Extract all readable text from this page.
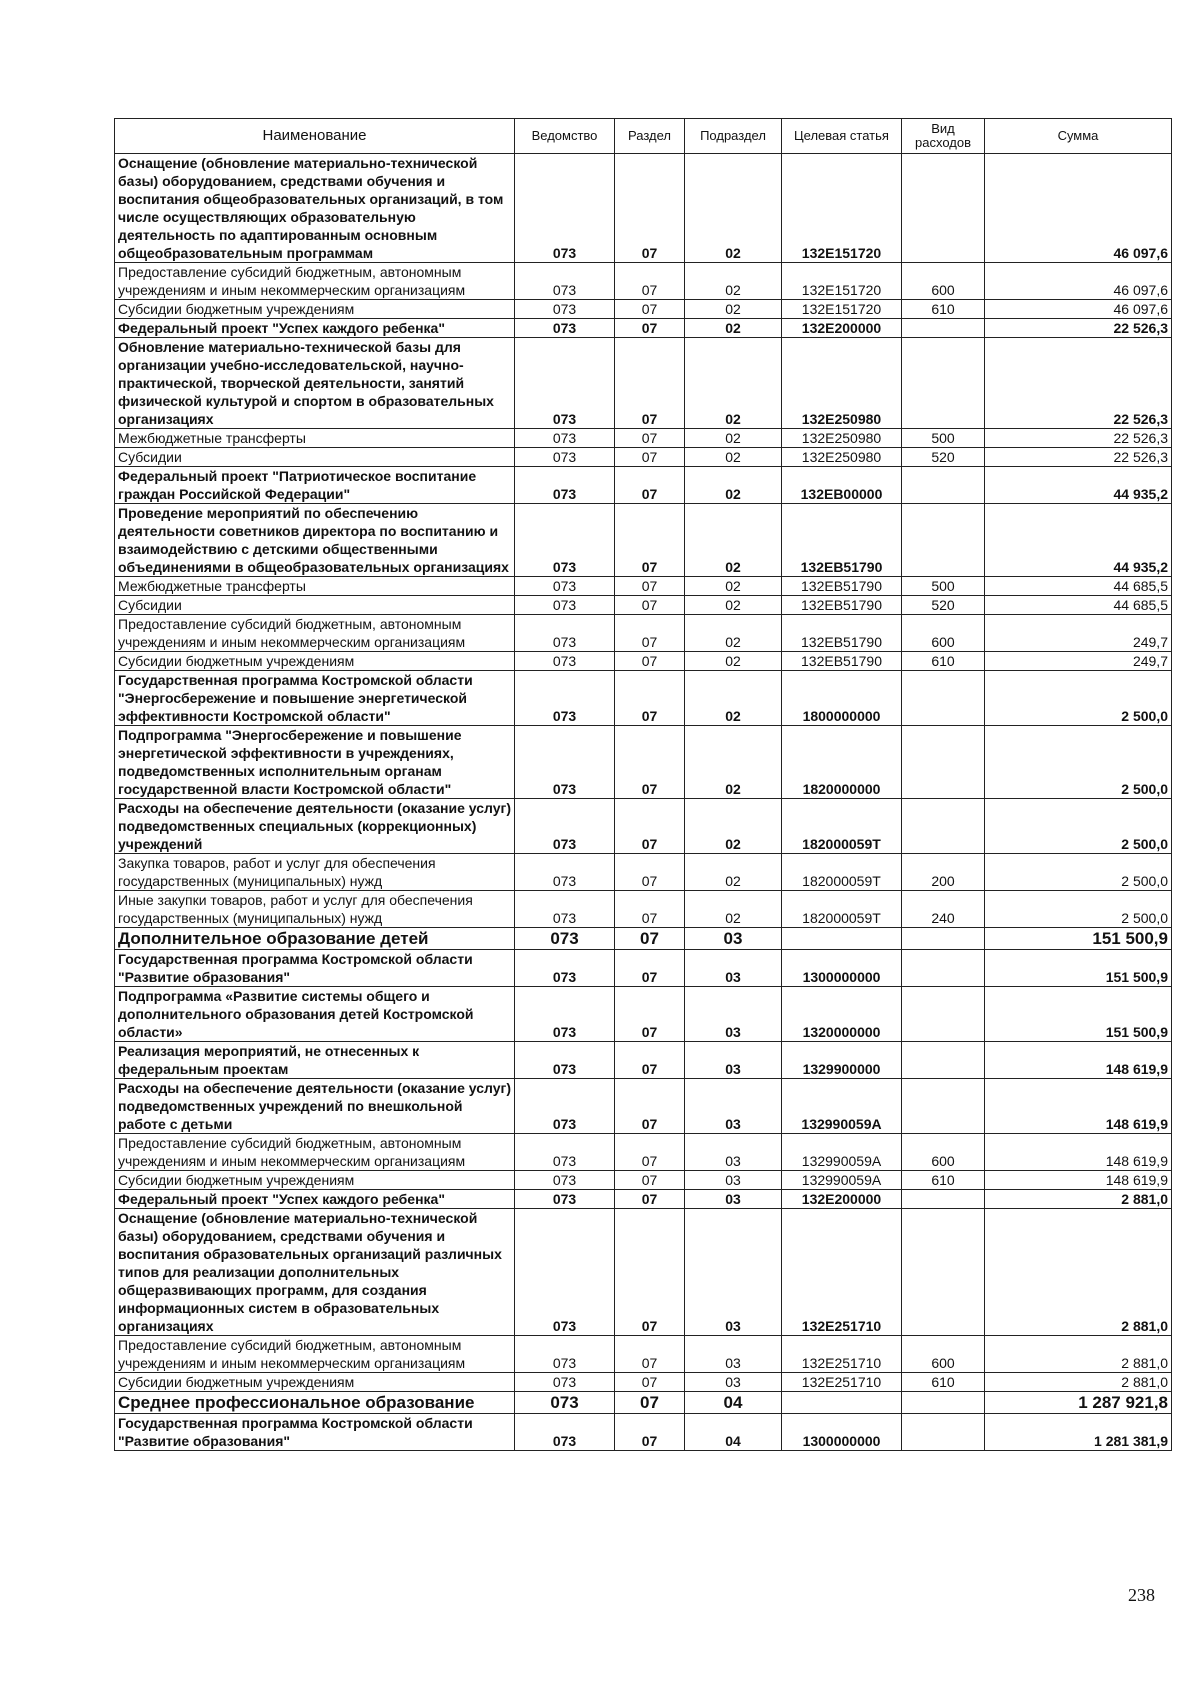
Наименование	Ведомство	Раздел	Подраздел	Целевая статья	Вид расходов	Сумма
Оснащение (обновление материально-технической базы) оборудованием, средствами обучения и воспитания общеобразовательных организаций, в том числе осуществляющих образовательную деятельность по адаптированным основным общеобразовательным программам	073	07	02	132Е151720		46 097,6
Предоставление субсидий бюджетным, автономным учреждениям и иным некоммерческим организациям	073	07	02	132Е151720	600	46 097,6
Субсидии бюджетным учреждениям	073	07	02	132Е151720	610	46 097,6
Федеральный проект "Успех каждого ребенка"	073	07	02	132Е200000		22 526,3
Обновление материально-технической базы для организации учебно-исследовательской, научно-практической, творческой деятельности, занятий физической культурой и спортом в образовательных организациях	073	07	02	132Е250980		22 526,3
Межбюджетные трансферты	073	07	02	132Е250980	500	22 526,3
Субсидии	073	07	02	132Е250980	520	22 526,3
Федеральный проект "Патриотическое воспитание граждан Российской Федерации"	073	07	02	132ЕВ00000		44 935,2
Проведение мероприятий по обеспечению деятельности советников директора по воспитанию и взаимодействию с детскими общественными объединениями в общеобразовательных организациях	073	07	02	132ЕВ51790		44 935,2
Межбюджетные трансферты	073	07	02	132ЕВ51790	500	44 685,5
Субсидии	073	07	02	132ЕВ51790	520	44 685,5
Предоставление субсидий бюджетным, автономным учреждениям и иным некоммерческим организациям	073	07	02	132ЕВ51790	600	249,7
Субсидии бюджетным учреждениям	073	07	02	132ЕВ51790	610	249,7
Государственная программа Костромской области "Энергосбережение и повышение энергетической эффективности Костромской области"	073	07	02	1800000000		2 500,0
Подпрограмма "Энергосбережение и повышение энергетической эффективности в учреждениях, подведомственных исполнительным органам государственной власти Костромской области"	073	07	02	1820000000		2 500,0
Расходы на обеспечение деятельности (оказание услуг) подведомственных специальных (коррекционных) учреждений	073	07	02	182000059Т		2 500,0
Закупка товаров, работ и услуг для обеспечения государственных (муниципальных) нужд	073	07	02	182000059Т	200	2 500,0
Иные закупки товаров, работ и услуг для обеспечения государственных (муниципальных) нужд	073	07	02	182000059Т	240	2 500,0
Дополнительное образование детей	073	07	03			151 500,9
Государственная программа Костромской области "Развитие образования"	073	07	03	1300000000		151 500,9
Подпрограмма «Развитие системы общего и дополнительного образования детей Костромской области»	073	07	03	1320000000		151 500,9
Реализация мероприятий, не отнесенных к федеральным проектам	073	07	03	1329900000		148 619,9
Расходы на обеспечение деятельности (оказание услуг) подведомственных учреждений по внешкольной работе с детьми	073	07	03	132990059А		148 619,9
Предоставление субсидий бюджетным, автономным учреждениям и иным некоммерческим организациям	073	07	03	132990059А	600	148 619,9
Субсидии бюджетным учреждениям	073	07	03	132990059А	610	148 619,9
Федеральный проект "Успех каждого ребенка"	073	07	03	132Е200000		2 881,0
Оснащение (обновление материально-технической базы) оборудованием, средствами обучения и воспитания образовательных организаций различных типов для реализации дополнительных общеразвивающих программ, для создания информационных систем в образовательных организациях	073	07	03	132Е251710		2 881,0
Предоставление субсидий бюджетным, автономным учреждениям и иным некоммерческим организациям	073	07	03	132Е251710	600	2 881,0
Субсидии бюджетным учреждениям	073	07	03	132Е251710	610	2 881,0
Среднее профессиональное образование	073	07	04			1 287 921,8
Государственная программа Костромской области "Развитие образования"	073	07	04	1300000000		1 281 381,9
238
